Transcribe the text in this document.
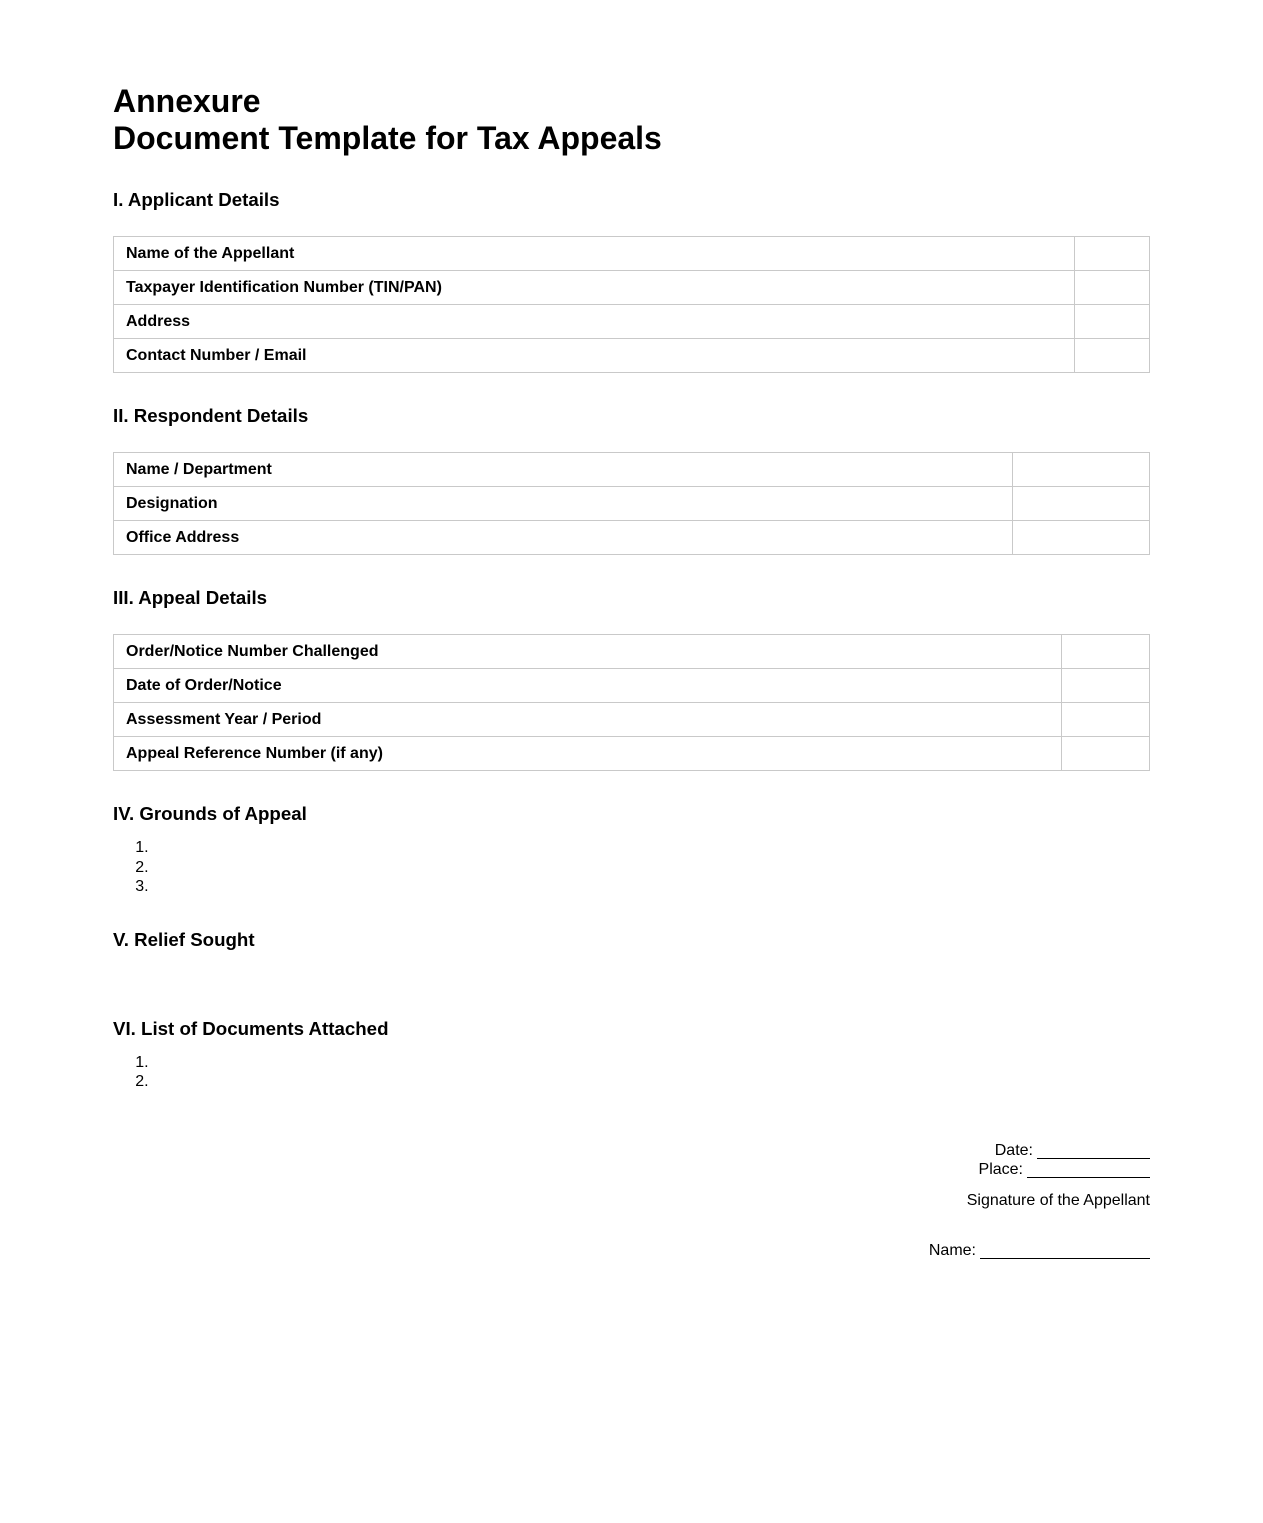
Annexure
Document Template for Tax Appeals
I. Applicant Details
Name of the Appellant	
Taxpayer Identification Number (TIN/PAN)	
Address	
Contact Number / Email	
II. Respondent Details
Name / Department	
Designation	
Office Address	
III. Appeal Details
Order/Notice Number Challenged	
Date of Order/Notice	
Assessment Year / Period	
Appeal Reference Number (if any)	
IV. Grounds of Appeal
1.
2.
3.
V. Relief Sought
VI. List of Documents Attached
1.
2.
Date:
Place:
Signature of the Appellant
Name:
